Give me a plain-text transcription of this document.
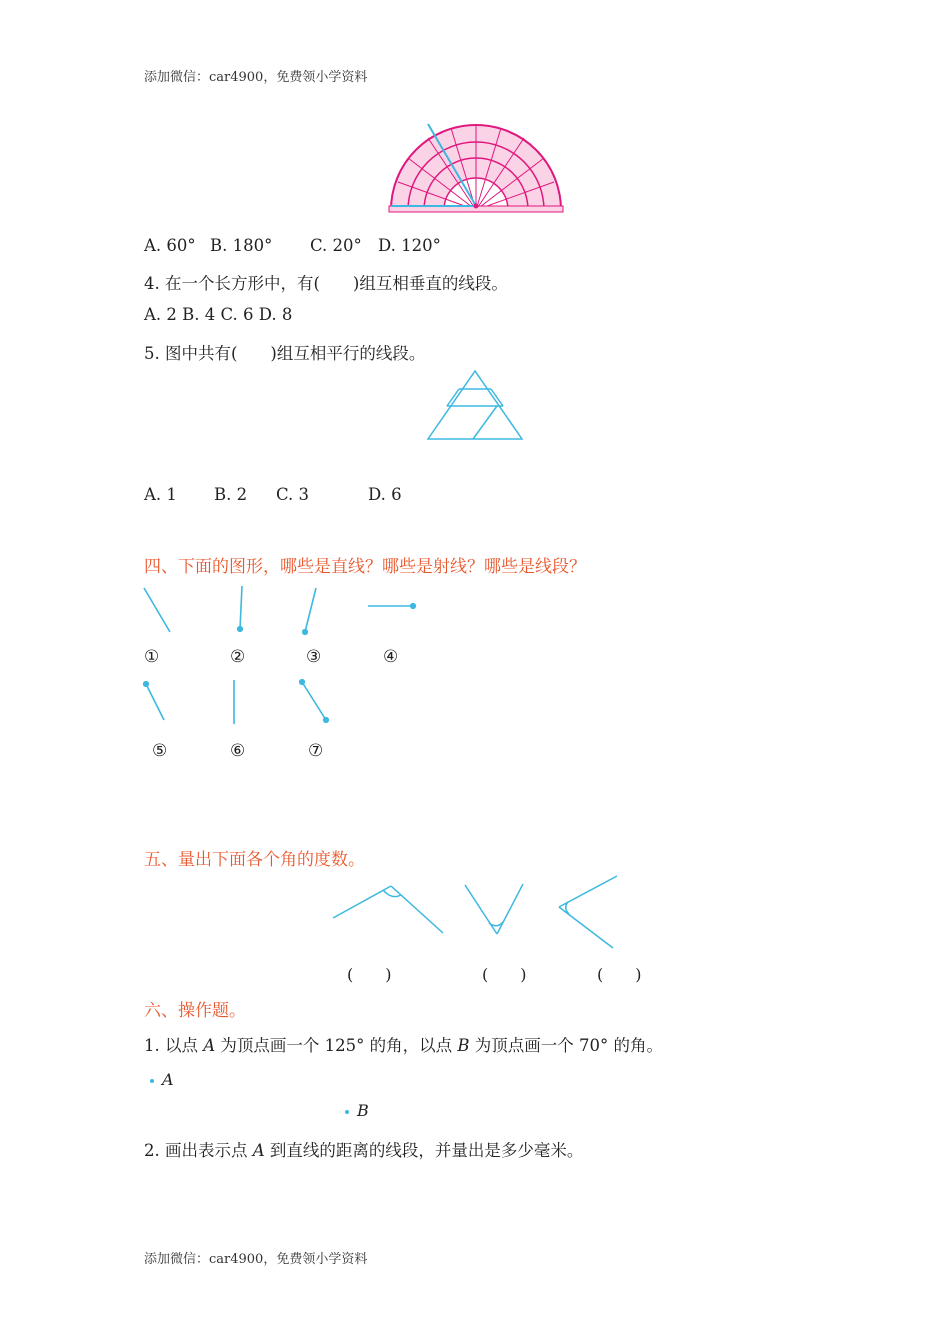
添加微信：car4900，免费领小学资料
A. 60° B. 180° C. 20° D. 120°
4. 在一个长方形中，有(　　)组互相垂直的线段。
A. 2 B. 4 C. 6 D. 8
5. 图中共有(　　)组互相平行的线段。
A. 1 B. 2 C. 3	D. 6
四、下面的图形，哪些是直线？哪些是射线？哪些是线段？
①	②	③	④
⑤	⑥	⑦
五、量出下面各个角的度数。
(　　)	(　　)	(　　)
六、操作题。
1. 以点 A 为顶点画一个 125° 的角，以点 B 为顶点画一个 70° 的角。
A
B
2. 画出表示点 A 到直线的距离的线段，并量出是多少毫米。
添加微信：car4900，免费领小学资料
